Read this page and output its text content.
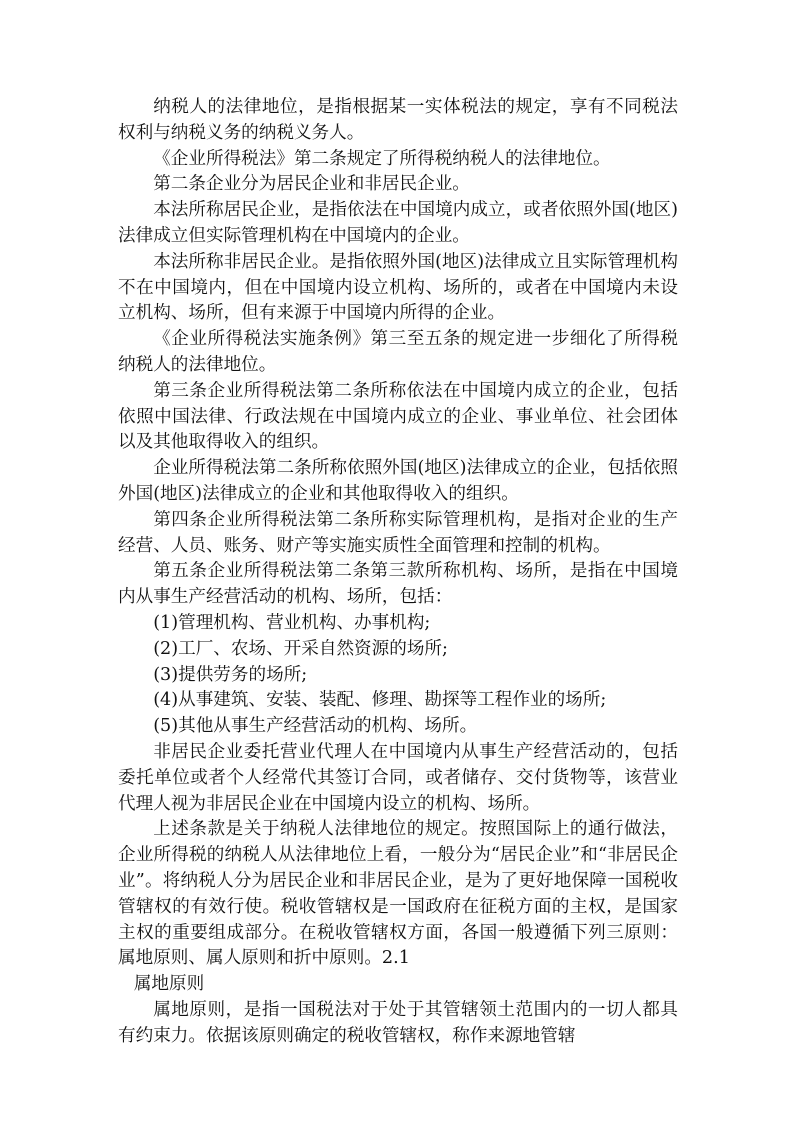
纳税人的法律地位，是指根据某一实体税法的规定，享有不同税法权利与纳税义务的纳税义务人。

《企业所得税法》第二条规定了所得税纳税人的法律地位。

第二条企业分为居民企业和非居民企业。

本法所称居民企业，是指依法在中国境内成立，或者依照外国(地区)法律成立但实际管理机构在中国境内的企业。

本法所称非居民企业。是指依照外国(地区)法律成立且实际管理机构不在中国境内，但在中国境内设立机构、场所的，或者在中国境内未设立机构、场所，但有来源于中国境内所得的企业。

《企业所得税法实施条例》第三至五条的规定进一步细化了所得税纳税人的法律地位。

第三条企业所得税法第二条所称依法在中国境内成立的企业，包括依照中国法律、行政法规在中国境内成立的企业、事业单位、社会团体以及其他取得收入的组织。

企业所得税法第二条所称依照外国(地区)法律成立的企业，包括依照外国(地区)法律成立的企业和其他取得收入的组织。

第四条企业所得税法第二条所称实际管理机构，是指对企业的生产经营、人员、账务、财产等实施实质性全面管理和控制的机构。

第五条企业所得税法第二条第三款所称机构、场所，是指在中国境内从事生产经营活动的机构、场所，包括：

(1)管理机构、营业机构、办事机构;

(2)工厂、农场、开采自然资源的场所;

(3)提供劳务的场所;

(4)从事建筑、安装、装配、修理、勘探等工程作业的场所;

(5)其他从事生产经营活动的机构、场所。

非居民企业委托营业代理人在中国境内从事生产经营活动的，包括委托单位或者个人经常代其签订合同，或者储存、交付货物等，该营业代理人视为非居民企业在中国境内设立的机构、场所。

上述条款是关于纳税人法律地位的规定。按照国际上的通行做法，企业所得税的纳税人从法律地位上看，一般分为“居民企业”和“非居民企业”。将纳税人分为居民企业和非居民企业，是为了更好地保障一国税收管辖权的有效行使。税收管辖权是一国政府在征税方面的主权，是国家主权的重要组成部分。在税收管辖权方面，各国一般遵循下列三原则：属地原则、属人原则和折中原则。2.1

属地原则

属地原则，是指一国税法对于处于其管辖领土范围内的一切人都具有约束力。依据该原则确定的税收管辖权，称作来源地管辖
